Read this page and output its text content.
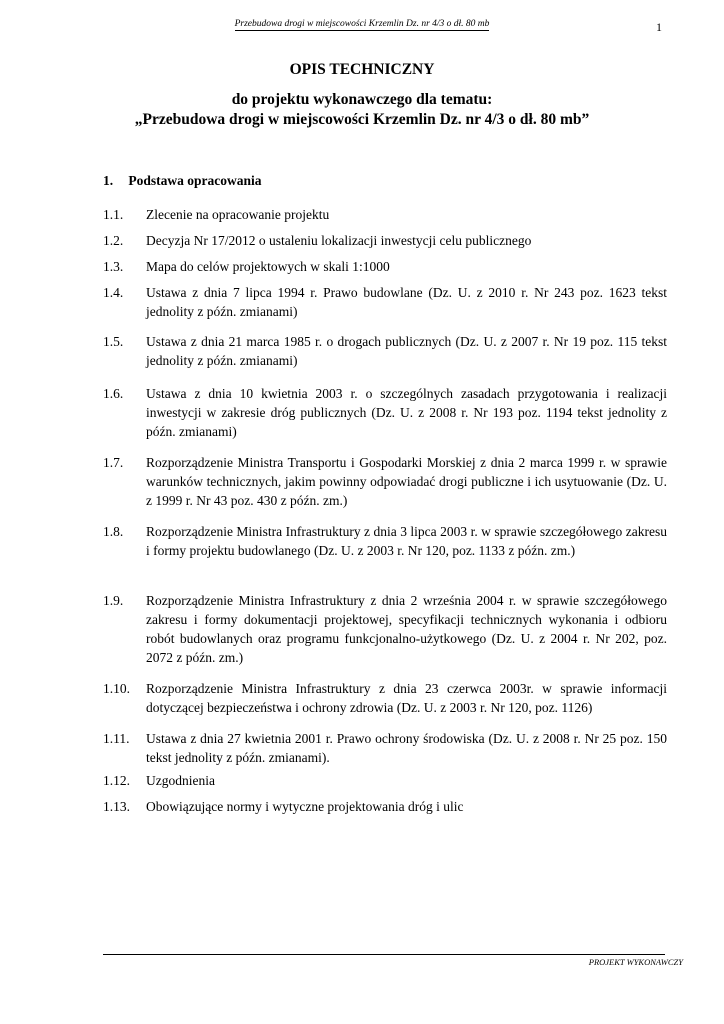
Przebudowa drogi w miejscowości Krzemlin Dz. nr 4/3 o dł. 80 mb	1

OPIS TECHNICZNY

do projektu wykonawczego dla tematu:

„Przebudowa drogi w miejscowości Krzemlin Dz. nr 4/3 o dł. 80 mb”

1. Podstawa opracowania
1.1. Zlecenie na opracowanie projektu
1.2. Decyzja Nr 17/2012 o ustaleniu lokalizacji inwestycji celu publicznego
1.3. Mapa do celów projektowych w skali 1:1000
1.4. Ustawa z dnia 7 lipca 1994 r. Prawo budowlane (Dz. U. z 2010 r. Nr 243 poz. 1623 tekst jednolity z późn. zmianami)
1.5. Ustawa z dnia 21 marca 1985 r. o drogach publicznych (Dz. U. z 2007 r. Nr 19 poz. 115 tekst jednolity z późn. zmianami)
1.6. Ustawa z dnia 10 kwietnia 2003 r. o szczególnych zasadach przygotowania i realizacji inwestycji w zakresie dróg publicznych (Dz. U. z 2008 r. Nr 193 poz. 1194 tekst jednolity z późn. zmianami)
1.7. Rozporządzenie Ministra Transportu i Gospodarki Morskiej z dnia 2 marca 1999 r. w sprawie warunków technicznych, jakim powinny odpowiadać drogi publiczne i ich usytuowanie (Dz. U. z 1999 r. Nr 43 poz. 430 z późn. zm.)
1.8. Rozporządzenie Ministra Infrastruktury z dnia 3 lipca 2003 r. w sprawie szczegółowego zakresu i formy projektu budowlanego (Dz. U. z 2003 r. Nr 120, poz. 1133 z późn. zm.)
1.9. Rozporządzenie Ministra Infrastruktury z dnia 2 września 2004 r. w sprawie szczegółowego zakresu i formy dokumentacji projektowej, specyfikacji technicznych wykonania i odbioru robót budowlanych oraz programu funkcjonalno-użytkowego (Dz. U. z 2004 r. Nr 202, poz. 2072 z późn. zm.)
1.10. Rozporządzenie Ministra Infrastruktury z dnia 23 czerwca 2003r. w sprawie informacji dotyczącej bezpieczeństwa i ochrony zdrowia (Dz. U. z 2003 r. Nr 120, poz. 1126)
1.11. Ustawa z dnia 27 kwietnia 2001 r. Prawo ochrony środowiska (Dz. U. z 2008 r. Nr 25 poz. 150 tekst jednolity z późn. zmianami).
1.12. Uzgodnienia
1.13. Obowiązujące normy i wytyczne projektowania dróg i ulic
PROJEKT WYKONAWCZY
